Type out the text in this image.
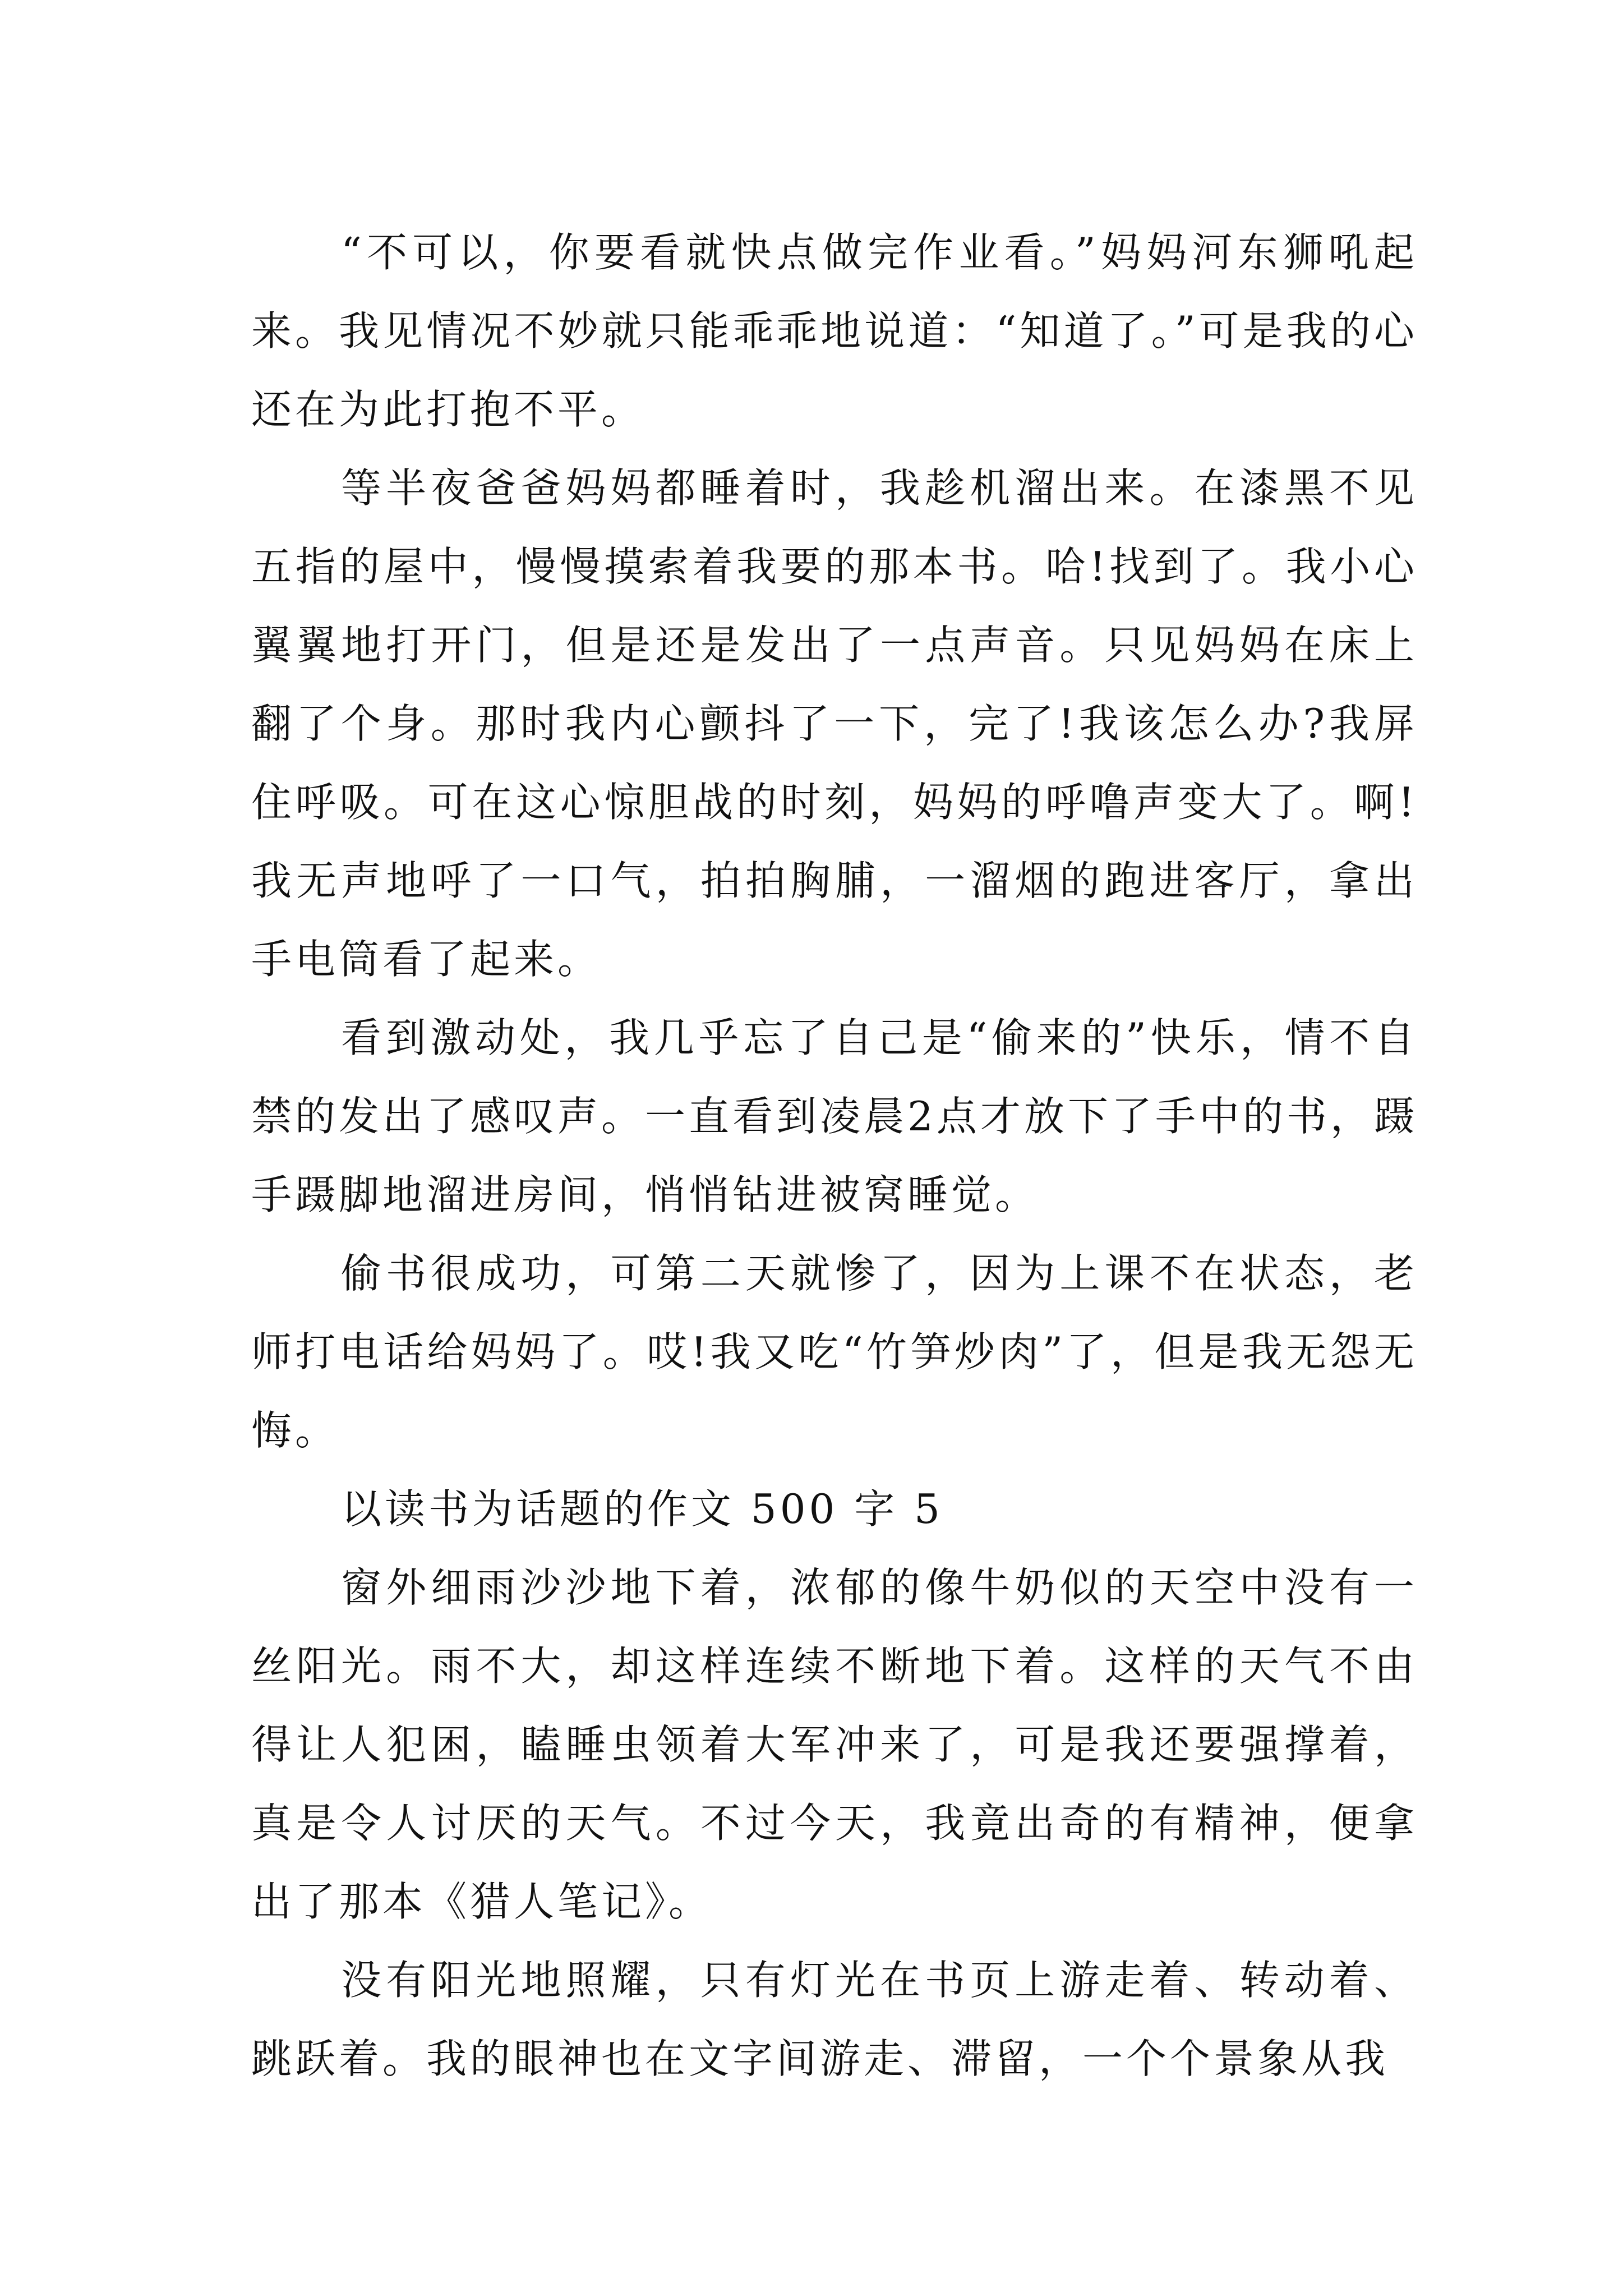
“不可以，你要看就快点做完作业看。”妈妈河东狮吼起来。我见情况不妙就只能乖乖地说道：“知道了。”可是我的心还在为此打抱不平。

等半夜爸爸妈妈都睡着时，我趁机溜出来。在漆黑不见五指的屋中，慢慢摸索着我要的那本书。哈!找到了。我小心翼翼地打开门，但是还是发出了一点声音。只见妈妈在床上翻了个身。那时我内心颤抖了一下，完了!我该怎么办?我屏住呼吸。可在这心惊胆战的时刻，妈妈的呼噜声变大了。啊!我无声地呼了一口气，拍拍胸脯，一溜烟的跑进客厅，拿出手电筒看了起来。

看到激动处，我几乎忘了自己是“偷来的”快乐，情不自禁的发出了感叹声。一直看到凌晨2点才放下了手中的书，蹑手蹑脚地溜进房间，悄悄钻进被窝睡觉。

偷书很成功，可第二天就惨了，因为上课不在状态，老师打电话给妈妈了。哎!我又吃“竹笋炒肉”了，但是我无怨无悔。

以读书为话题的作文 500 字 5

窗外细雨沙沙地下着，浓郁的像牛奶似的天空中没有一丝阳光。雨不大，却这样连续不断地下着。这样的天气不由得让人犯困，瞌睡虫领着大军冲来了，可是我还要强撑着，真是令人讨厌的天气。不过今天，我竟出奇的有精神，便拿出了那本《猎人笔记》。

没有阳光地照耀，只有灯光在书页上游走着、转动着、跳跃着。我的眼神也在文字间游走、滞留，一个个景象从我
